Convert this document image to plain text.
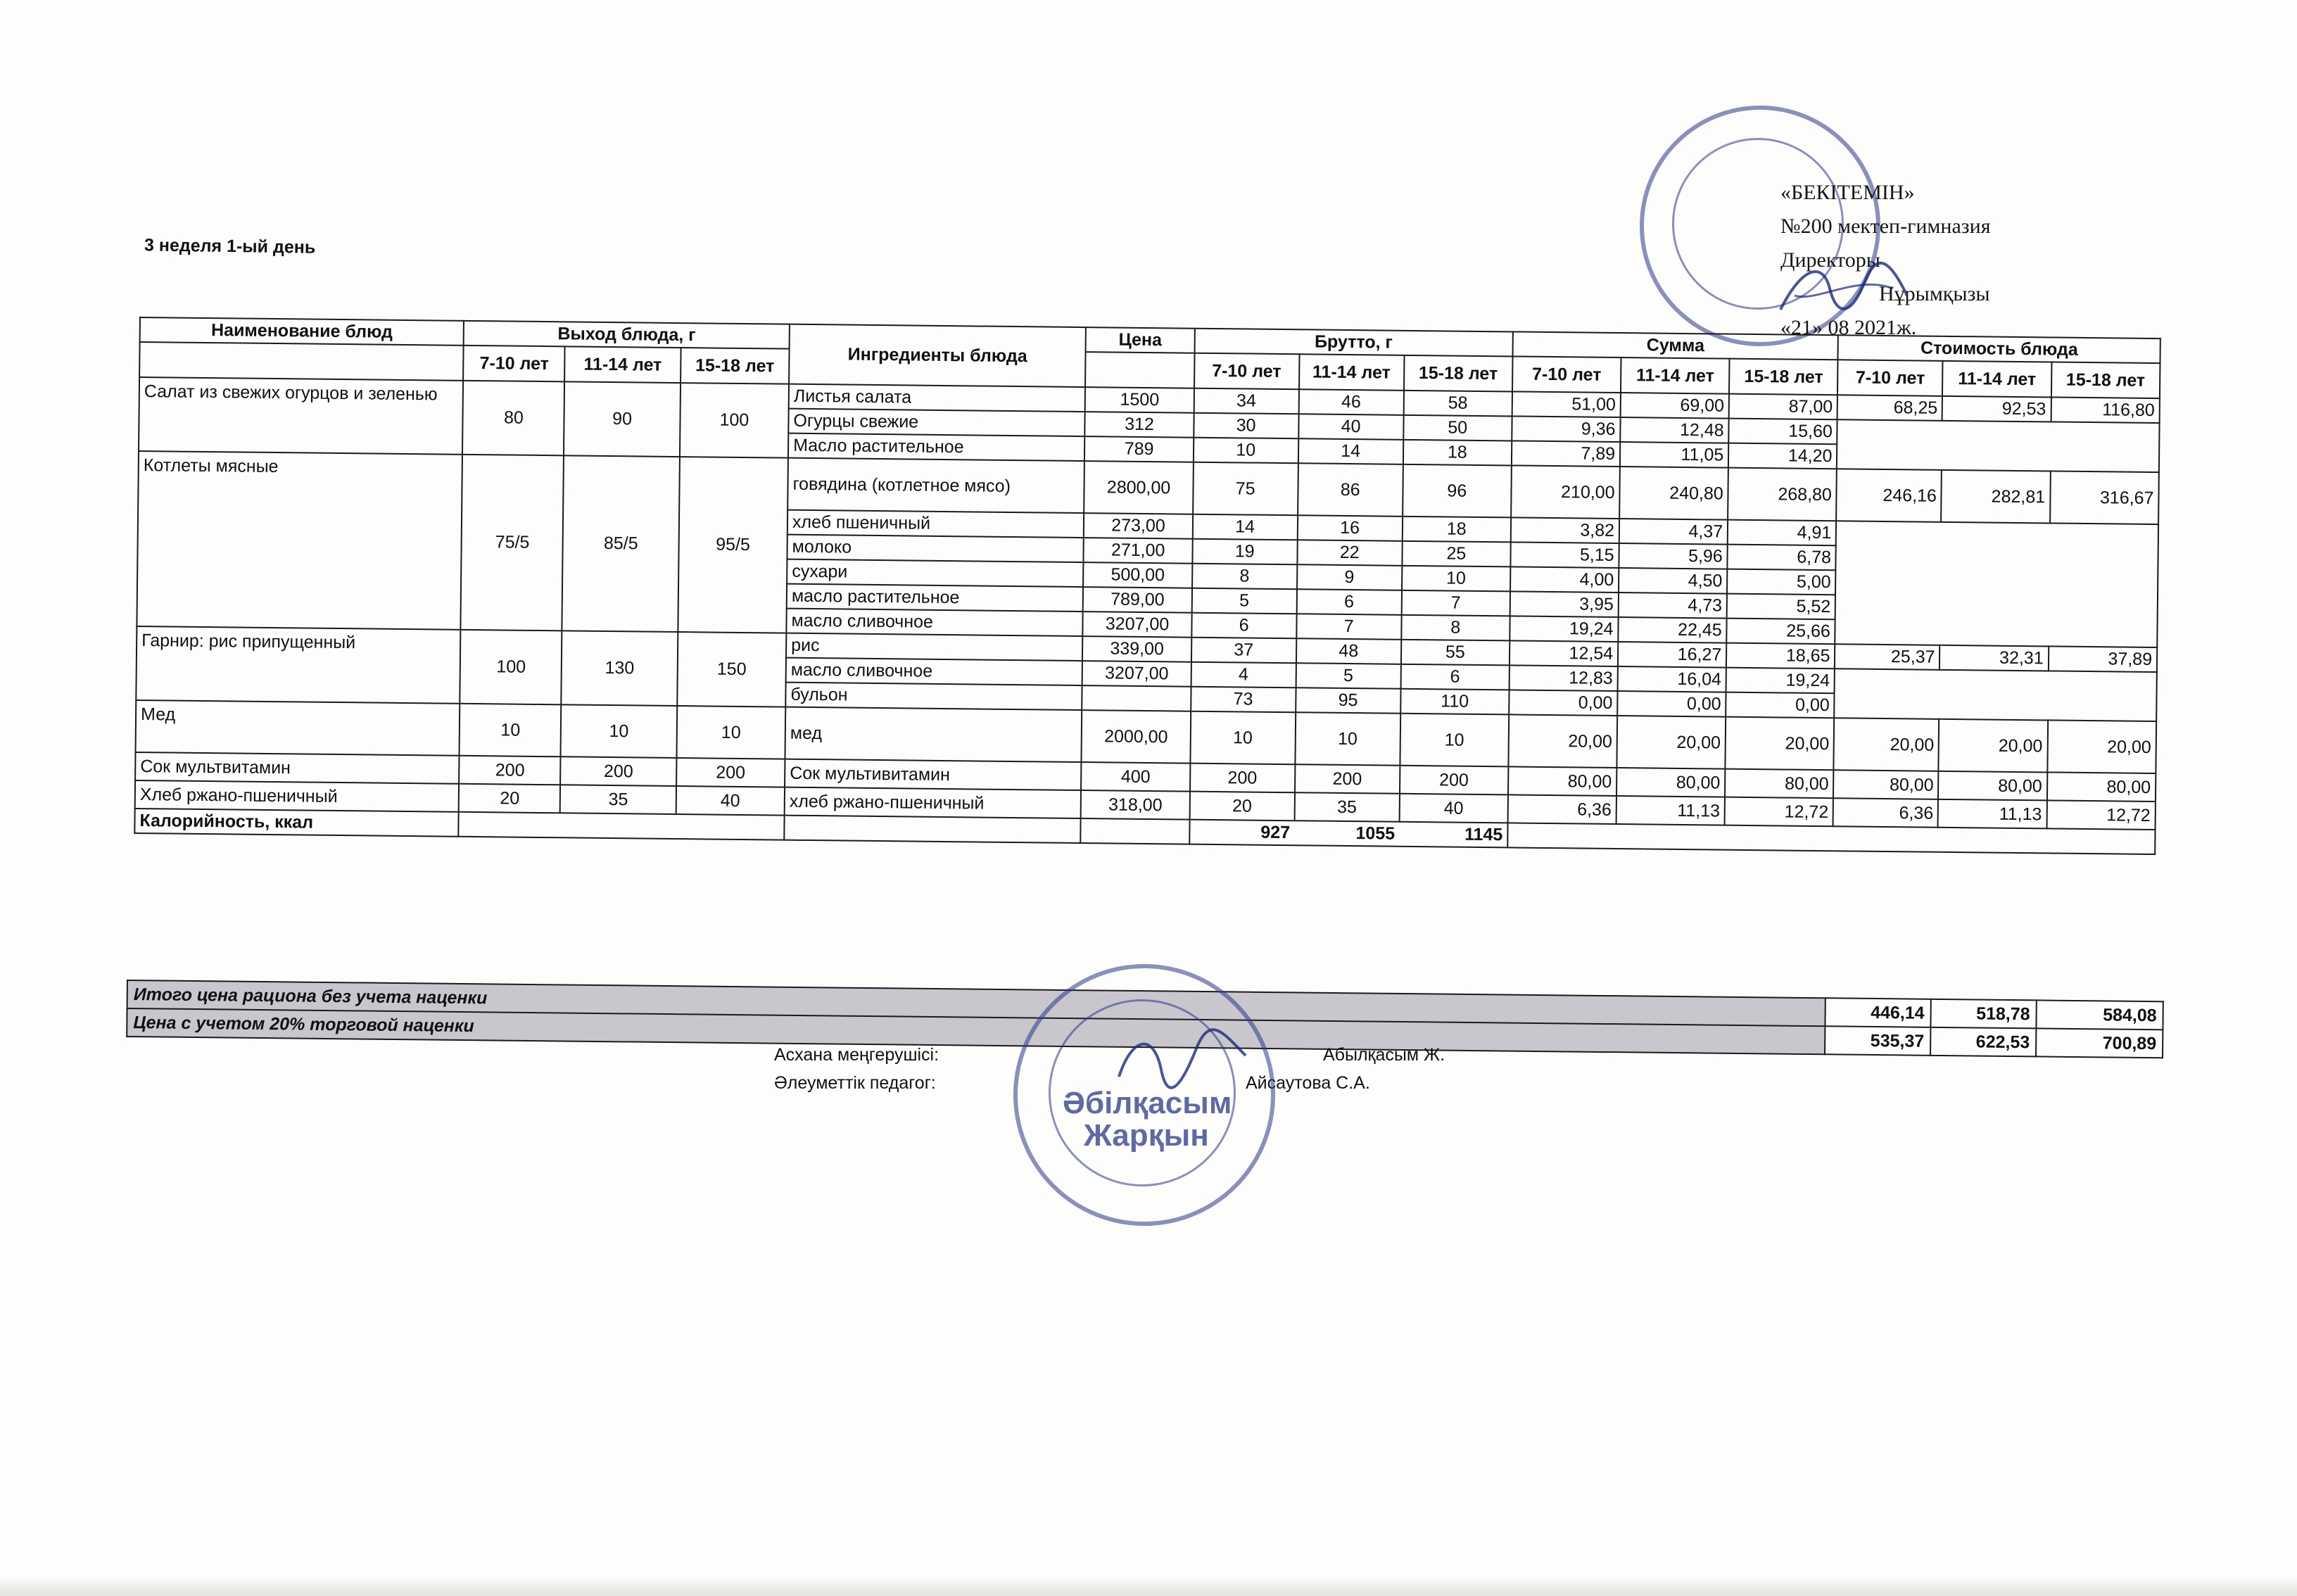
«БЕКІТЕМІН»
№200 мектеп-гимназия
Директоры
Нұрымқызы
«21» 08 2021ж.
3 неделя 1-ый день
Наименование блюд	Выход блюда, г			Ингредиенты блюда	Цена	Брутто, г			Сумма			Стоимость блюда		
	7-10 лет	11-14 лет	15-18 лет			7-10 лет	11-14 лет	15-18 лет	7-10 лет	11-14 лет	15-18 лет	7-10 лет	11-14 лет	15-18 лет
Салат из свежих огурцов и зеленью	80	90	100	Листья салата	1500	34	46	58	51,00	69,00	87,00	68,25	92,53	116,80
				Огурцы свежие	312	30	40	50	9,36	12,48	15,60			
				Масло растительное	789	10	14	18	7,89	11,05	14,20			
Котлеты мясные	75/5	85/5	95/5	говядина (котлетное мясо)	2800,00	75	86	96	210,00	240,80	268,80	246,16	282,81	316,67
				хлеб пшеничный	273,00	14	16	18	3,82	4,37	4,91			
				молоко	271,00	19	22	25	5,15	5,96	6,78			
				сухари	500,00	8	9	10	4,00	4,50	5,00			
				масло растительное	789,00	5	6	7	3,95	4,73	5,52			
				масло сливочное	3207,00	6	7	8	19,24	22,45	25,66			
Гарнир: рис припущенный	100	130	150	рис	339,00	37	48	55	12,54	16,27	18,65	25,37	32,31	37,89
				масло сливочное	3207,00	4	5	6	12,83	16,04	19,24			
				бульон		73	95	110	0,00	0,00	0,00			
Мед	10	10	10	мед	2000,00	10	10	10	20,00	20,00	20,00	20,00	20,00	20,00
Сок мультвитамин	200	200	200	Сок мультивитамин	400	200	200	200	80,00	80,00	80,00	80,00	80,00	80,00
Хлеб ржано-пшеничный	20	35	40	хлеб ржано-пшеничный	318,00	20	35	40	6,36	11,13	12,72	6,36	11,13	12,72
Калорийность, ккал						927	1055	1145						
Итого цена рациона без учета наценки	446,14	518,78	584,08
Цена с учетом 20% торговой наценки	535,37	622,53	700,89
Асхана меңгерушісі:	Абылқасым Ж.
Әлеуметтік педагог:	Айсаутова С.А.
Әбілқасым
Жарқын
